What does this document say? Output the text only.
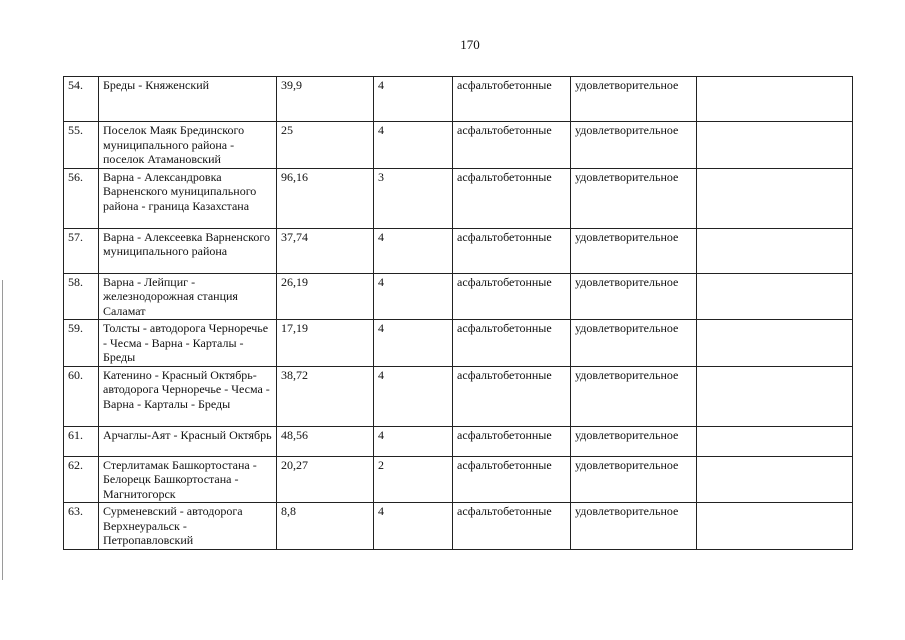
170
54.	Бреды - Княженский	39,9	4	асфальтобетонные	удовлетворительное	
55.	Поселок Маяк Брединского муниципального района - поселок Атамановский	25	4	асфальтобетонные	удовлетворительное	
56.	Варна - Александровка Варненского муниципального района - граница Казахстана	96,16	3	асфальтобетонные	удовлетворительное	
57.	Варна - Алексеевка Варненского муниципального района	37,74	4	асфальтобетонные	удовлетворительное	
58.	Варна - Лейпциг - железнодорожная станция Саламат	26,19	4	асфальтобетонные	удовлетворительное	
59.	Толсты - автодорога Черноречье - Чесма - Варна - Карталы - Бреды	17,19	4	асфальтобетонные	удовлетворительное	
60.	Катенино - Красный Октябрь- автодорога Черноречье - Чесма - Варна - Карталы - Бреды	38,72	4	асфальтобетонные	удовлетворительное	
61.	Арчаглы-Аят - Красный Октябрь	48,56	4	асфальтобетонные	удовлетворительное	
62.	Стерлитамак Башкортостана - Белорецк Башкортостана - Магнитогорск	20,27	2	асфальтобетонные	удовлетворительное	
63.	Сурменевский - автодорога Верхнеуральск - Петропавловский	8,8	4	асфальтобетонные	удовлетворительное	
